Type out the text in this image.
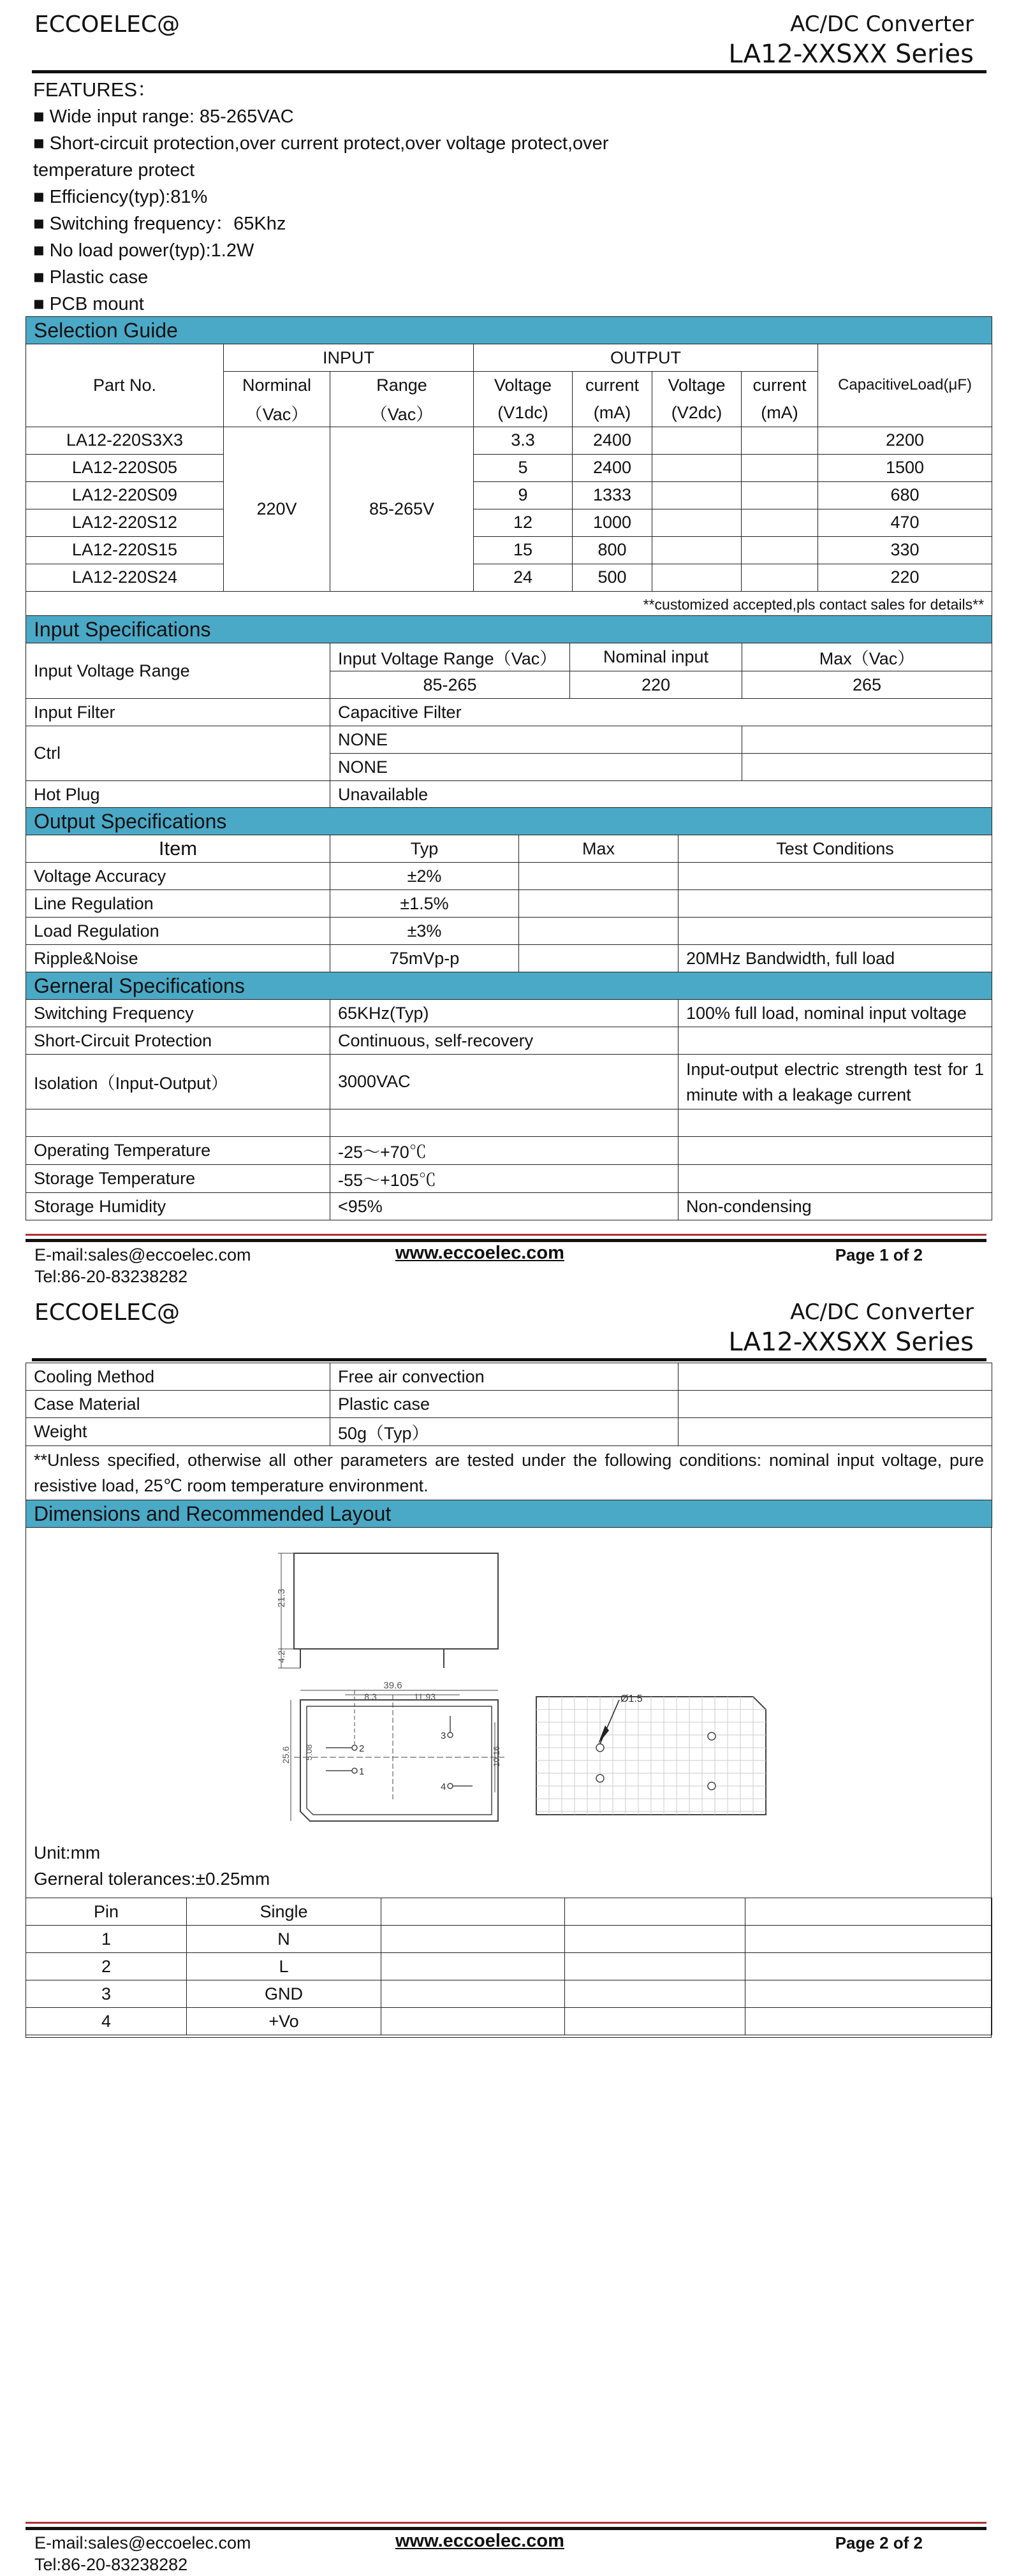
ECCOELEC@	AC/DC Converter
LA12-XXSXX Series
FEATURES：
■ Wide input range: 85-265VAC
■ Short-circuit protection,over current protect,over voltage protect,over temperature protect
■ Efficiency(typ):81%
■ Switching frequency：65Khz
■ No load power(typ):1.2W
■ Plastic case
■ PCB mount
Selection Guide							
Part No.	INPUT		OUTPUT				CapacitiveLoad(μF)
	Norminal	Range	Voltage	current	Voltage	current	
	（Vac）	（Vac）	(V1dc)	(mA)	(V2dc)	(mA)	
LA12-220S3X3	220V	85-265V	3.3	2400			2200
LA12-220S05			5	2400			1500
LA12-220S09			9	1333			680
LA12-220S12			12	1000			470
LA12-220S15			15	800			330
LA12-220S24			24	500			220
**customized accepted,pls contact sales for details**							
Input Specifications			
Input Voltage Range	Input Voltage Range（Vac）	Nominal input	Max（Vac）
	85-265	220	265
Input Filter	Capacitive Filter		
Ctrl	NONE		
	NONE		
Hot Plug	Unavailable		
Output Specifications			
Item	Typ	Max	Test Conditions
Voltage Accuracy	±2%		
Line Regulation	±1.5%		
Load Regulation	±3%		
Ripple&Noise	75mVp-p		20MHz Bandwidth, full load
Gerneral Specifications		
Switching Frequency	65KHz(Typ)	100% full load, nominal input voltage
Short-Circuit Protection	Continuous, self-recovery	
Isolation（Input-Output）	3000VAC	Input-output electric strength test for 1 minute with a leakage current

Operating Temperature	-25～+70℃	
Storage Temperature	-55～+105℃	
Storage Humidity	<95%	Non-condensing
E-mail:sales@eccoelec.com
Tel:86-20-83238282
www.eccoelec.com	Page 1 of 2
ECCOELEC@	AC/DC Converter
LA12-XXSXX Series
Cooling Method	Free air convection	
Case Material	Plastic case	
Weight	50g（Typ）	
**Unless specified, otherwise all other parameters are tested under the following conditions: nominal input voltage, pure resistive load, 25℃ room temperature environment.		
Dimensions and Recommended Layout		
21.3
4.2
39.6
8.3	11.93
25.6 5.08	10.16
1
2
3
4
Ø1.5
Unit:mm
Gerneral tolerances:±0.25mm
Pin	Single			
1	N			
2	L			
3	GND			
4	+Vo			
E-mail:sales@eccoelec.com
Tel:86-20-83238282
www.eccoelec.com	Page 2 of 2
